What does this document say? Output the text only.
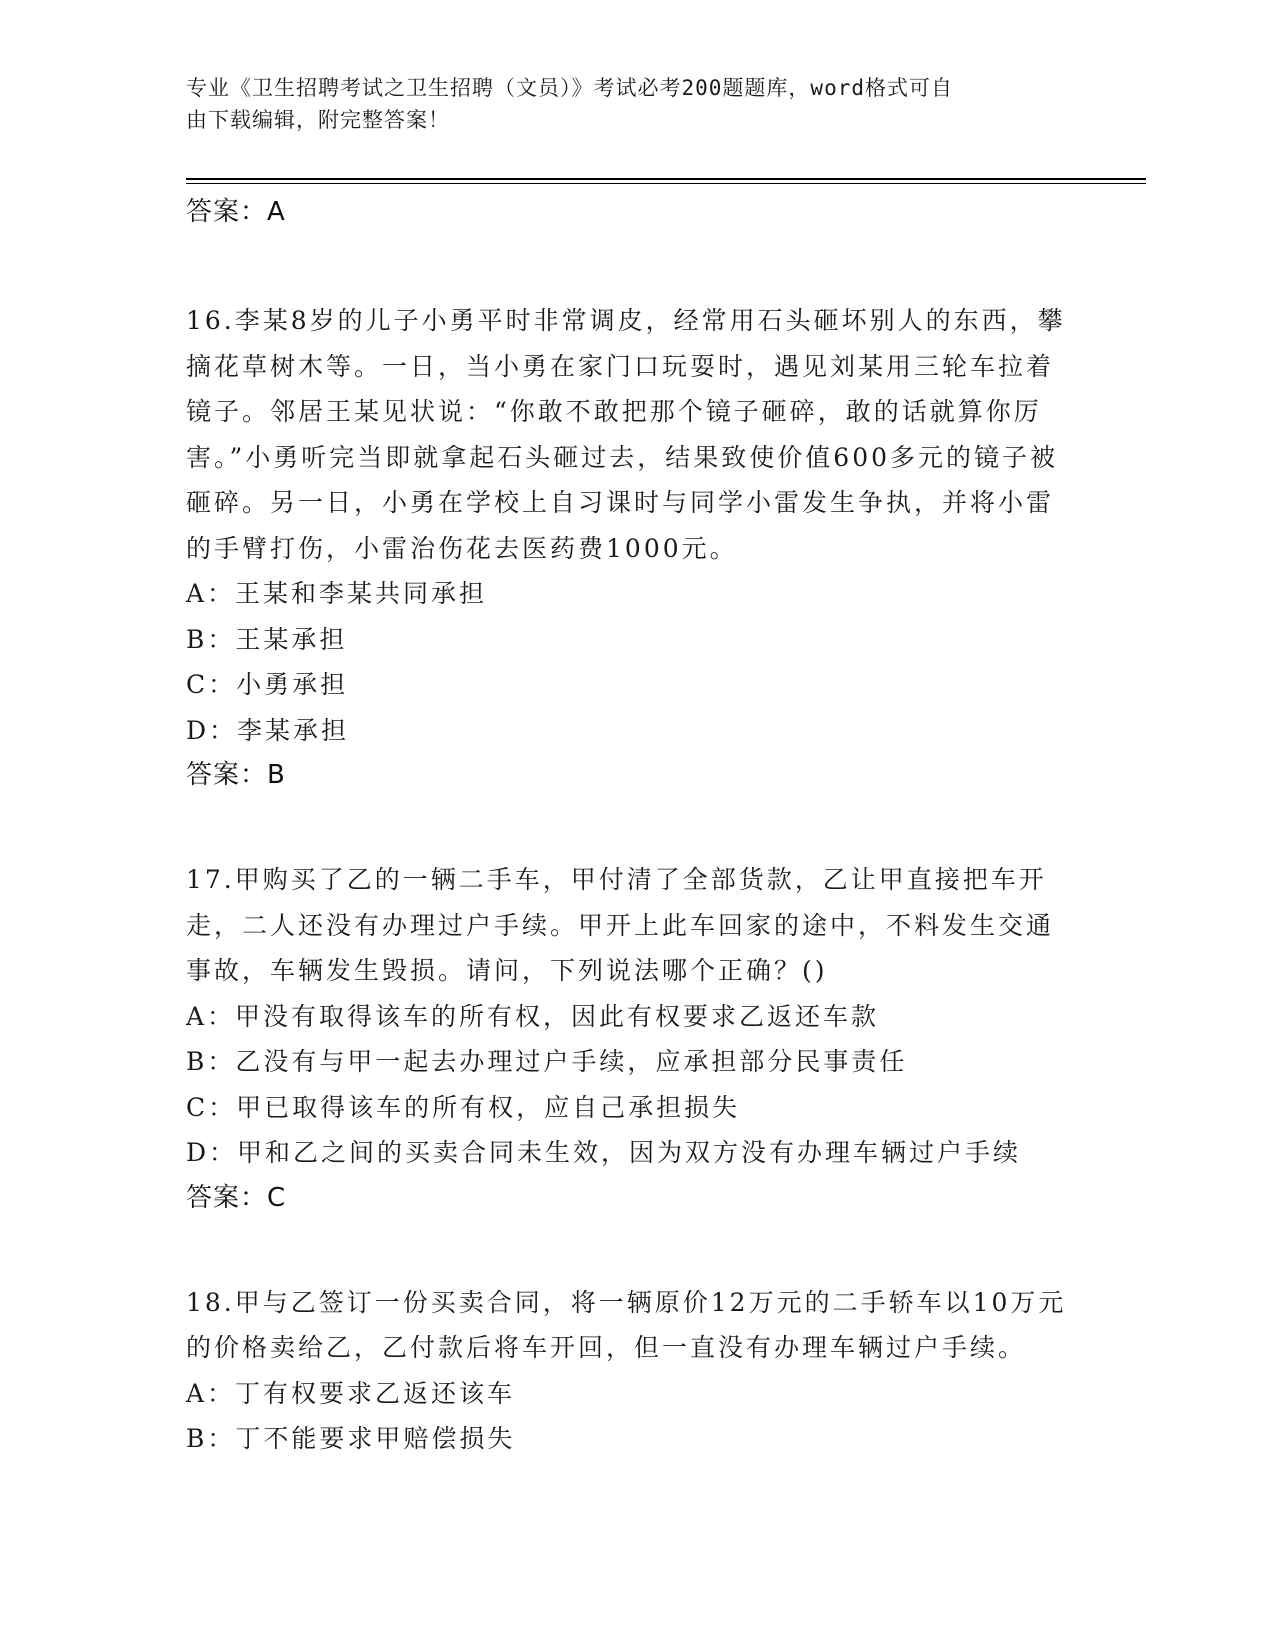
专业《卫生招聘考试之卫生招聘（文员）》考试必考200题题库，word格式可自
由下载编辑，附完整答案！

答案：A

16.李某8岁的儿子小勇平时非常调皮，经常用石头砸坏别人的东西，攀摘花草树木等。一日，当小勇在家门口玩耍时，遇见刘某用三轮车拉着镜子。邻居王某见状说：“你敢不敢把那个镜子砸碎，敢的话就算你厉害。”小勇听完当即就拿起石头砸过去，结果致使价值600多元的镜子被砸碎。另一日，小勇在学校上自习课时与同学小雷发生争执，并将小雷的手臂打伤，小雷治伤花去医药费1000元。

A：王某和李某共同承担

B：王某承担

C：小勇承担

D：李某承担

答案：B

17.甲购买了乙的一辆二手车，甲付清了全部货款，乙让甲直接把车开走，二人还没有办理过户手续。甲开上此车回家的途中，不料发生交通事故，车辆发生毁损。请问，下列说法哪个正确？()

A：甲没有取得该车的所有权，因此有权要求乙返还车款

B：乙没有与甲一起去办理过户手续，应承担部分民事责任

C：甲已取得该车的所有权，应自己承担损失

D：甲和乙之间的买卖合同未生效，因为双方没有办理车辆过户手续

答案：C

18.甲与乙签订一份买卖合同，将一辆原价12万元的二手轿车以10万元的价格卖给乙，乙付款后将车开回，但一直没有办理车辆过户手续。

A：丁有权要求乙返还该车

B：丁不能要求甲赔偿损失
